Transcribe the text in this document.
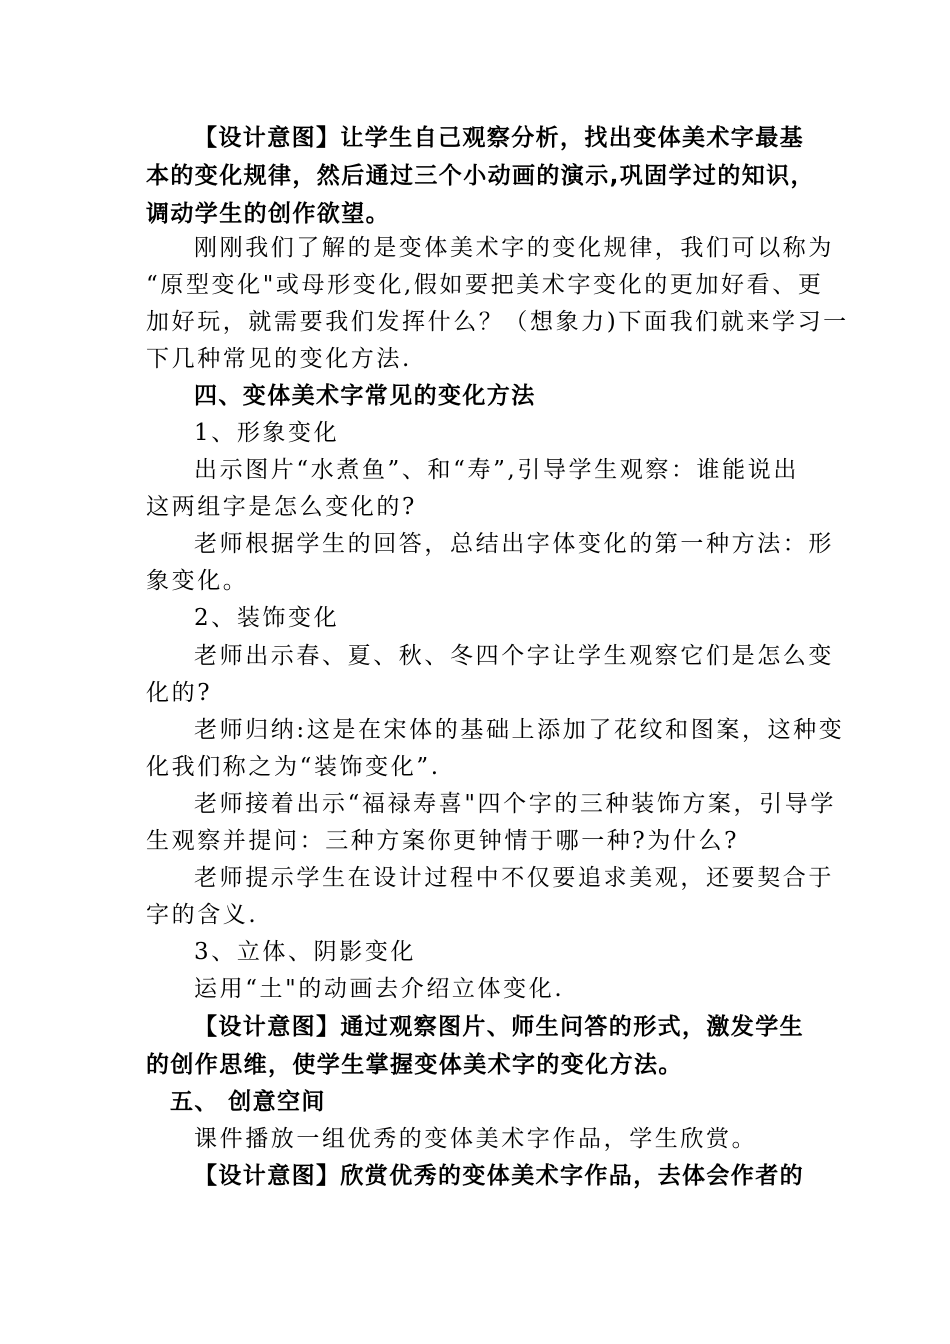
【设计意图】让学生自己观察分析，找出变体美术字最基
本的变化规律，然后通过三个小动画的演示,巩固学过的知识，
调动学生的创作欲望。
刚刚我们了解的是变体美术字的变化规律，我们可以称为
“原型变化"或母形变化,假如要把美术字变化的更加好看、更
加好玩，就需要我们发挥什么？（想象力)下面我们就来学习一
下几种常见的变化方法.
四、变体美术字常见的变化方法
1、形象变化
出示图片“水煮鱼”、和“寿”,引导学生观察：谁能说出
这两组字是怎么变化的?
老师根据学生的回答，总结出字体变化的第一种方法：形
象变化。
2、装饰变化
老师出示春、夏、秋、冬四个字让学生观察它们是怎么变
化的?
老师归纳:这是在宋体的基础上添加了花纹和图案，这种变
化我们称之为“装饰变化”.
老师接着出示“福禄寿喜"四个字的三种装饰方案，引导学
生观察并提问：三种方案你更钟情于哪一种?为什么?
老师提示学生在设计过程中不仅要追求美观，还要契合于
字的含义.
3、立体、阴影变化
运用“土"的动画去介绍立体变化.
【设计意图】通过观察图片、师生问答的形式，激发学生
的创作思维，使学生掌握变体美术字的变化方法。
五、 创意空间
课件播放一组优秀的变体美术字作品，学生欣赏。
【设计意图】欣赏优秀的变体美术字作品，去体会作者的
